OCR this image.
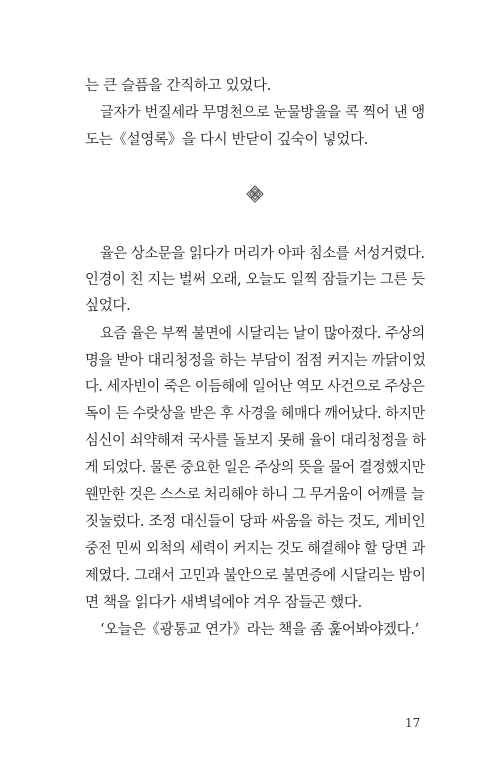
는 큰 슬픔을 간직하고 있었다.
글자가 번질세라 무명천으로 눈물방울을 콕 찍어 낸 앵
도는《설영록》을 다시 반닫이 깊숙이 넣었다.
율은 상소문을 읽다가 머리가 아파 침소를 서성거렸다.
인경이 친 지는 벌써 오래, 오늘도 일찍 잠들기는 그른 듯
싶었다.
요즘 율은 부쩍 불면에 시달리는 날이 많아졌다. 주상의
명을 받아 대리청정을 하는 부담이 점점 커지는 까닭이었
다. 세자빈이 죽은 이듬해에 일어난 역모 사건으로 주상은
독이 든 수랏상을 받은 후 사경을 헤매다 깨어났다. 하지만
심신이 쇠약해져 국사를 돌보지 못해 율이 대리청정을 하
게 되었다. 물론 중요한 일은 주상의 뜻을 물어 결정했지만
웬만한 것은 스스로 처리해야 하니 그 무거움이 어깨를 늘
짓눌렀다. 조정 대신들이 당파 싸움을 하는 것도, 게비인
중전 민씨 외척의 세력이 커지는 것도 해결해야 할 당면 과
제였다. 그래서 고민과 불안으로 불면증에 시달리는 밤이
면 책을 읽다가 새벽녘에야 겨우 잠들곤 했다.
‘오늘은《광통교 연가》라는 책을 좀 훑어봐야겠다.’
17
